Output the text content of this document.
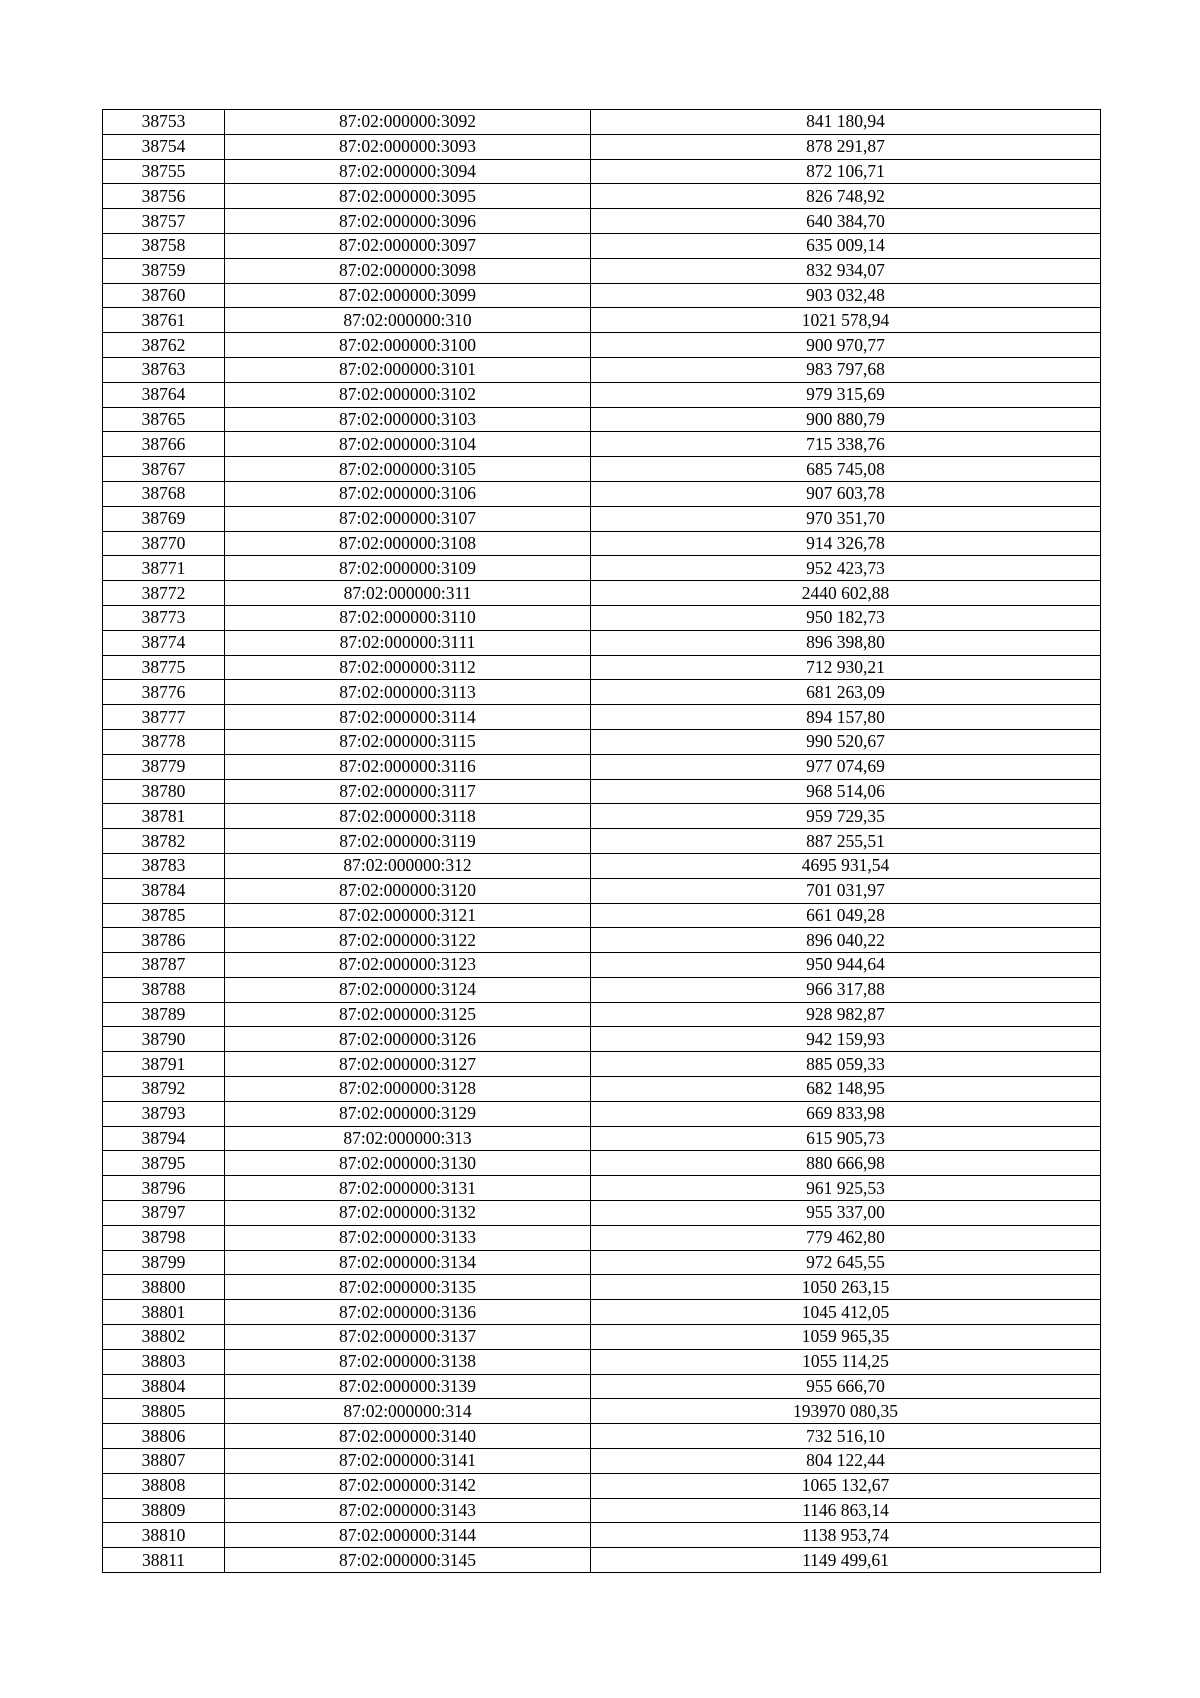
38753	87:02:000000:3092	841 180,94
38754	87:02:000000:3093	878 291,87
38755	87:02:000000:3094	872 106,71
38756	87:02:000000:3095	826 748,92
38757	87:02:000000:3096	640 384,70
38758	87:02:000000:3097	635 009,14
38759	87:02:000000:3098	832 934,07
38760	87:02:000000:3099	903 032,48
38761	87:02:000000:310	1021 578,94
38762	87:02:000000:3100	900 970,77
38763	87:02:000000:3101	983 797,68
38764	87:02:000000:3102	979 315,69
38765	87:02:000000:3103	900 880,79
38766	87:02:000000:3104	715 338,76
38767	87:02:000000:3105	685 745,08
38768	87:02:000000:3106	907 603,78
38769	87:02:000000:3107	970 351,70
38770	87:02:000000:3108	914 326,78
38771	87:02:000000:3109	952 423,73
38772	87:02:000000:311	2440 602,88
38773	87:02:000000:3110	950 182,73
38774	87:02:000000:3111	896 398,80
38775	87:02:000000:3112	712 930,21
38776	87:02:000000:3113	681 263,09
38777	87:02:000000:3114	894 157,80
38778	87:02:000000:3115	990 520,67
38779	87:02:000000:3116	977 074,69
38780	87:02:000000:3117	968 514,06
38781	87:02:000000:3118	959 729,35
38782	87:02:000000:3119	887 255,51
38783	87:02:000000:312	4695 931,54
38784	87:02:000000:3120	701 031,97
38785	87:02:000000:3121	661 049,28
38786	87:02:000000:3122	896 040,22
38787	87:02:000000:3123	950 944,64
38788	87:02:000000:3124	966 317,88
38789	87:02:000000:3125	928 982,87
38790	87:02:000000:3126	942 159,93
38791	87:02:000000:3127	885 059,33
38792	87:02:000000:3128	682 148,95
38793	87:02:000000:3129	669 833,98
38794	87:02:000000:313	615 905,73
38795	87:02:000000:3130	880 666,98
38796	87:02:000000:3131	961 925,53
38797	87:02:000000:3132	955 337,00
38798	87:02:000000:3133	779 462,80
38799	87:02:000000:3134	972 645,55
38800	87:02:000000:3135	1050 263,15
38801	87:02:000000:3136	1045 412,05
38802	87:02:000000:3137	1059 965,35
38803	87:02:000000:3138	1055 114,25
38804	87:02:000000:3139	955 666,70
38805	87:02:000000:314	193970 080,35
38806	87:02:000000:3140	732 516,10
38807	87:02:000000:3141	804 122,44
38808	87:02:000000:3142	1065 132,67
38809	87:02:000000:3143	1146 863,14
38810	87:02:000000:3144	1138 953,74
38811	87:02:000000:3145	1149 499,61
